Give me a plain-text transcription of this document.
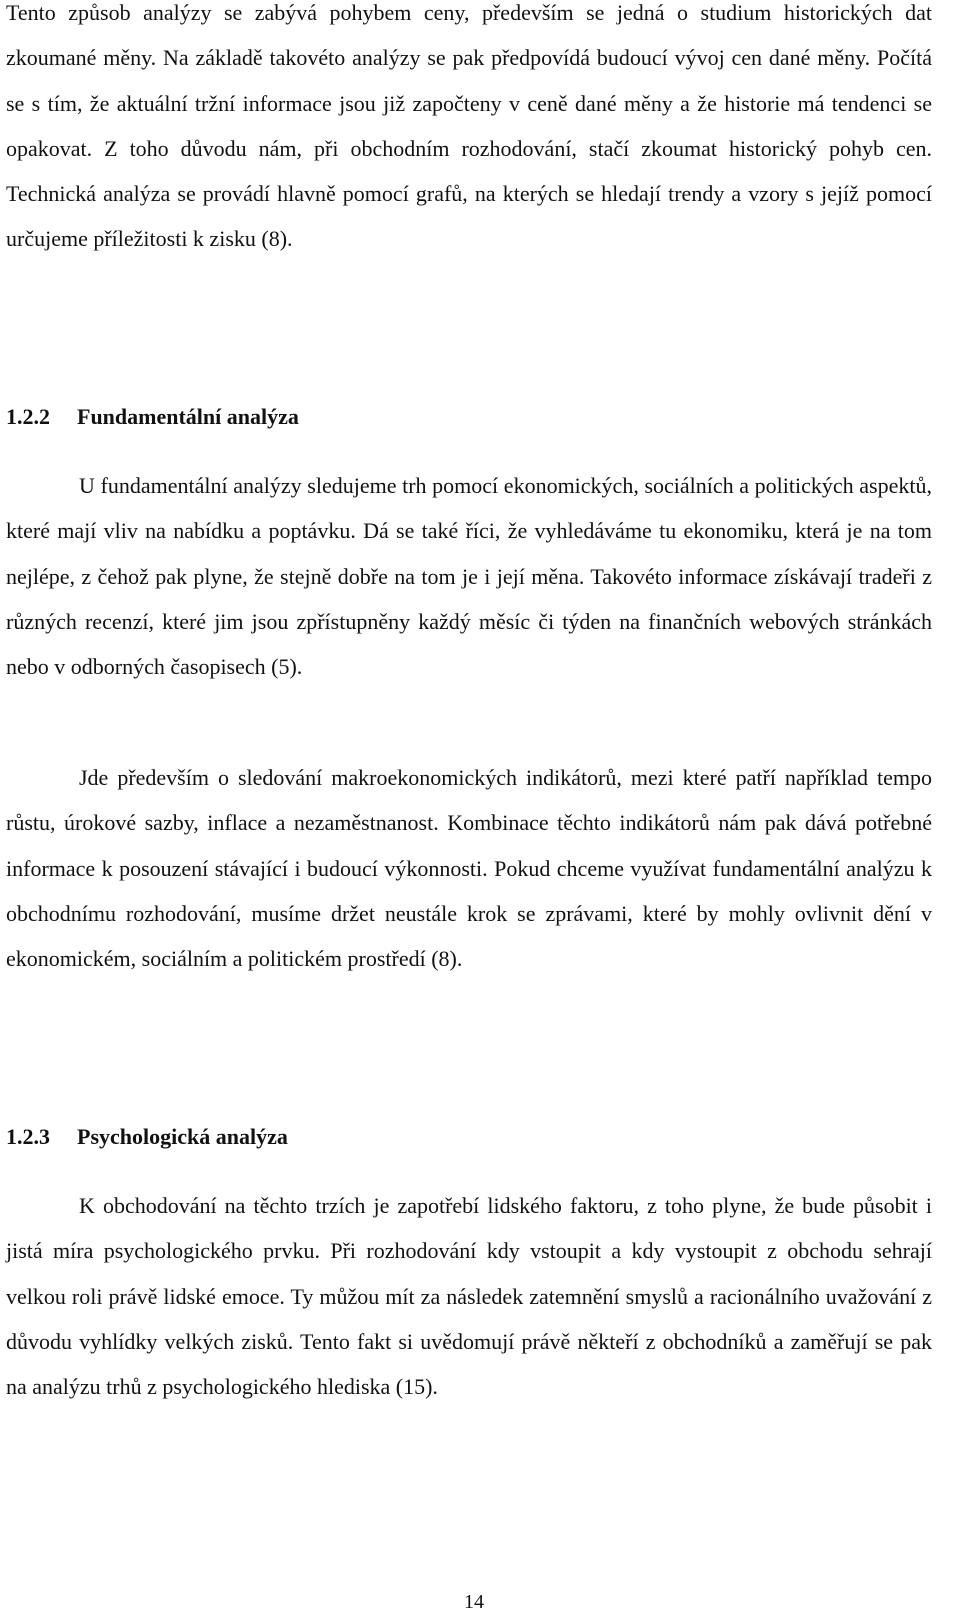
Tento způsob analýzy se zabývá pohybem ceny, především se jedná o studium historických dat zkoumané měny. Na základě takovéto analýzy se pak předpovídá budoucí vývoj cen dané měny. Počítá se s tím, že aktuální tržní informace jsou již započteny v ceně dané měny a že historie má tendenci se opakovat. Z toho důvodu nám, při obchodním rozhodování, stačí zkoumat historický pohyb cen. Technická analýza se provádí hlavně pomocí grafů, na kterých se hledají trendy a vzory s jejíž pomocí určujeme příležitosti k zisku (8).

1.2.2 Fundamentální analýza

U fundamentální analýzy sledujeme trh pomocí ekonomických, sociálních a politických aspektů, které mají vliv na nabídku a poptávku. Dá se také říci, že vyhledáváme tu ekonomiku, která je na tom nejlépe, z čehož pak plyne, že stejně dobře na tom je i její měna. Takovéto informace získávají tradeři z různých recenzí, které jim jsou zpřístupněny každý měsíc či týden na finančních webových stránkách nebo v odborných časopisech (5).

Jde především o sledování makroekonomických indikátorů, mezi které patří například tempo růstu, úrokové sazby, inflace a nezaměstnanost. Kombinace těchto indikátorů nám pak dává potřebné informace k posouzení stávající i budoucí výkonnosti. Pokud chceme využívat fundamentální analýzu k obchodnímu rozhodování, musíme držet neustále krok se zprávami, které by mohly ovlivnit dění v ekonomickém, sociálním a politickém prostředí (8).

1.2.3 Psychologická analýza

K obchodování na těchto trzích je zapotřebí lidského faktoru, z toho plyne, že bude působit i jistá míra psychologického prvku. Při rozhodování kdy vstoupit a kdy vystoupit z obchodu sehrají velkou roli právě lidské emoce. Ty můžou mít za následek zatemnění smyslů a racionálního uvažování z důvodu vyhlídky velkých zisků. Tento fakt si uvědomují právě někteří z obchodníků a zaměřují se pak na analýzu trhů z psychologického hlediska (15).

14
